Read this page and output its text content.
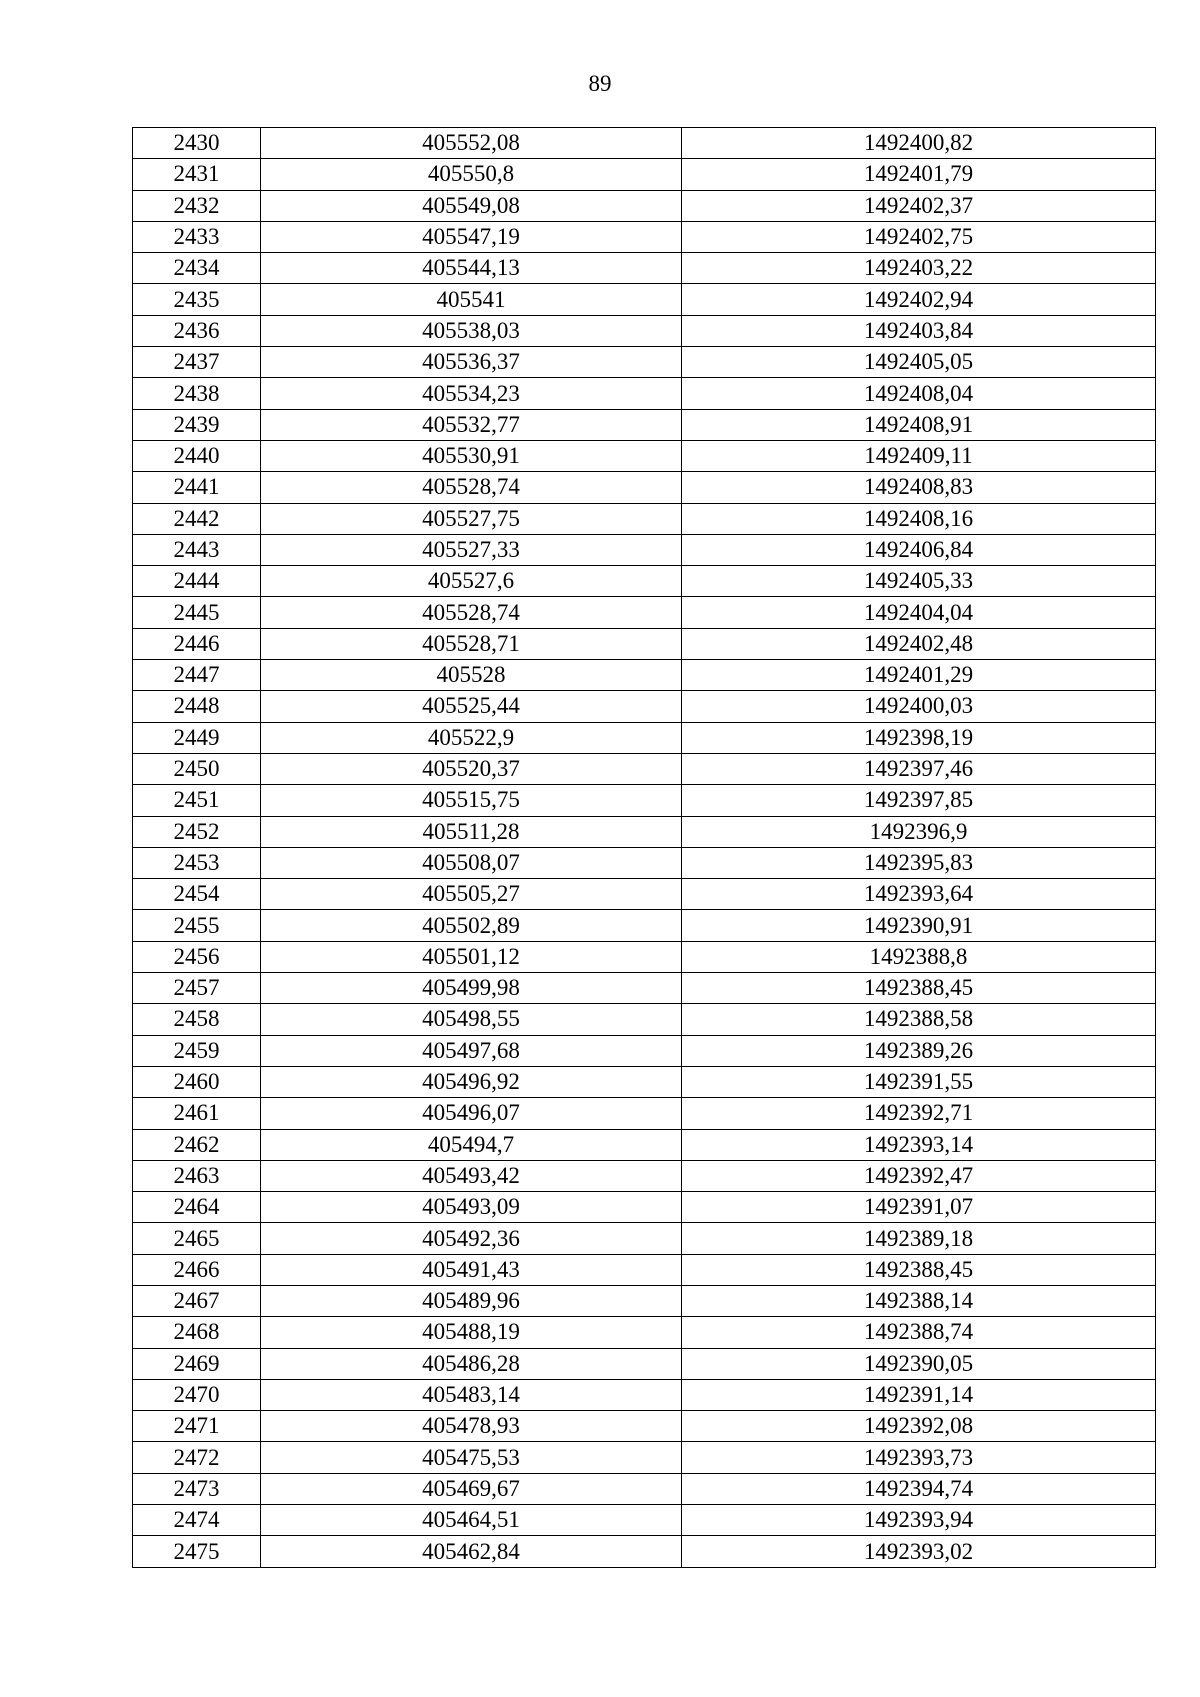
89
2430	405552,08	1492400,82
2431	405550,8	1492401,79
2432	405549,08	1492402,37
2433	405547,19	1492402,75
2434	405544,13	1492403,22
2435	405541	1492402,94
2436	405538,03	1492403,84
2437	405536,37	1492405,05
2438	405534,23	1492408,04
2439	405532,77	1492408,91
2440	405530,91	1492409,11
2441	405528,74	1492408,83
2442	405527,75	1492408,16
2443	405527,33	1492406,84
2444	405527,6	1492405,33
2445	405528,74	1492404,04
2446	405528,71	1492402,48
2447	405528	1492401,29
2448	405525,44	1492400,03
2449	405522,9	1492398,19
2450	405520,37	1492397,46
2451	405515,75	1492397,85
2452	405511,28	1492396,9
2453	405508,07	1492395,83
2454	405505,27	1492393,64
2455	405502,89	1492390,91
2456	405501,12	1492388,8
2457	405499,98	1492388,45
2458	405498,55	1492388,58
2459	405497,68	1492389,26
2460	405496,92	1492391,55
2461	405496,07	1492392,71
2462	405494,7	1492393,14
2463	405493,42	1492392,47
2464	405493,09	1492391,07
2465	405492,36	1492389,18
2466	405491,43	1492388,45
2467	405489,96	1492388,14
2468	405488,19	1492388,74
2469	405486,28	1492390,05
2470	405483,14	1492391,14
2471	405478,93	1492392,08
2472	405475,53	1492393,73
2473	405469,67	1492394,74
2474	405464,51	1492393,94
2475	405462,84	1492393,02
